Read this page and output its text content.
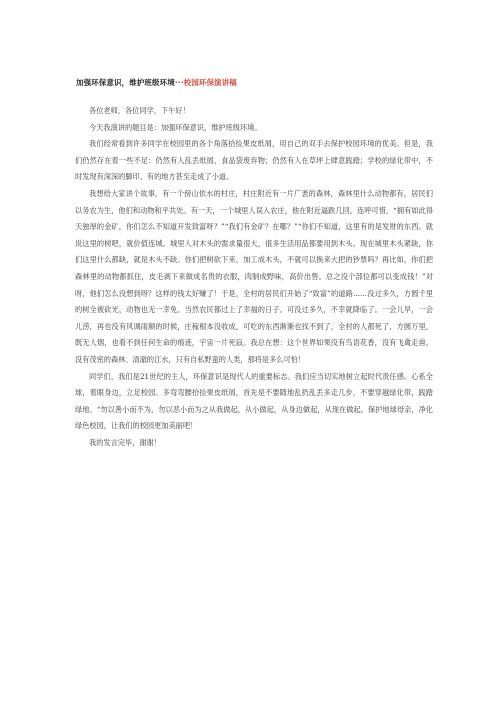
加强环保意识，维护班级环境···校园环保演讲稿

各位老师，各位同学，下午好！

今天我演讲的题目是：加强环保意识，维护班级环境。

我们经常看到许多同学在校园里的各个角落拾捡果皮纸屑，用自己的双手去保护校园环境的优美。但是，我们仍然存在着一些不足：仍然有人乱丢纸屑、食品袋废弃物；仍然有人在草坪上肆意践踏；学校的绿化带中，不时发现有深深的脚印、有的地方甚至走成了小道。

我想给大家讲个故事，有一个傍山依水的村庄，村庄附近有一片广袤的森林，森林里什么动物都有，居民们以务农为生，他们和动物和平共处。有一天，一个城里人误入农庄，他在附近逼跌几回，连呼可惜，“拥有如此得天独厚的金矿，你们怎么不知道开发致富呀？”“我们有金矿？在哪？”“你们不知道，这里有的是发财的东西。就说这里的树吧，就价值连城。城里人对木头的需求量很大，很多生活用品都要用到木头。现在城里木头紧缺，你们这里什么都缺，就是木头不缺。你们把树砍下来，加工成木头，不就可以换来大把的钞票吗？再比如，你们把森林里的动物都抓住，皮毛剥下来做成名贵的衣服，肉制成野味，高价出售。总之没个部位都可以变成钱！”对呀，他们怎么没想到呀？这样的钱太好赚了！于是，全村的居民们开始了“致富”的道路……没过多久，方圆千里的树全被砍光，动物也无一幸免。当然农民都过上了幸福的日子。可没过多久，不幸就降临了。一会儿旱，一会儿涝，再也没有风调雨顺的时候，庄稼根本没收成，可吃的东西渐渐也找不到了，全村的人都死了，方圆万里，既无人烟，也看不到任何生命的痕迹，宇宙一片死寂。我总在想：这个世界如果没有鸟语花香，没有飞禽走兽，没有茂密的森林、清澈的江水，只有自私野蛮的人类，那将是多么可怕！

同学们，我们是21世纪的主人，环保意识是现代人的重要标志。我们应当切实地树立起时代责任感。心系全球，着眼身边，立足校园。多弯弯腰拾捡果皮纸屑，首先是不要随地乱扔乱丢多走几步，不要穿越绿化带，践踏绿地。“勿以善小而不为，勿以恶小而为之从我做起，从小做起，从身边做起，从现在做起，保护地球母亲，净化绿色校园，让我们的校园更加美丽吧！

我的发言完毕，谢谢！
